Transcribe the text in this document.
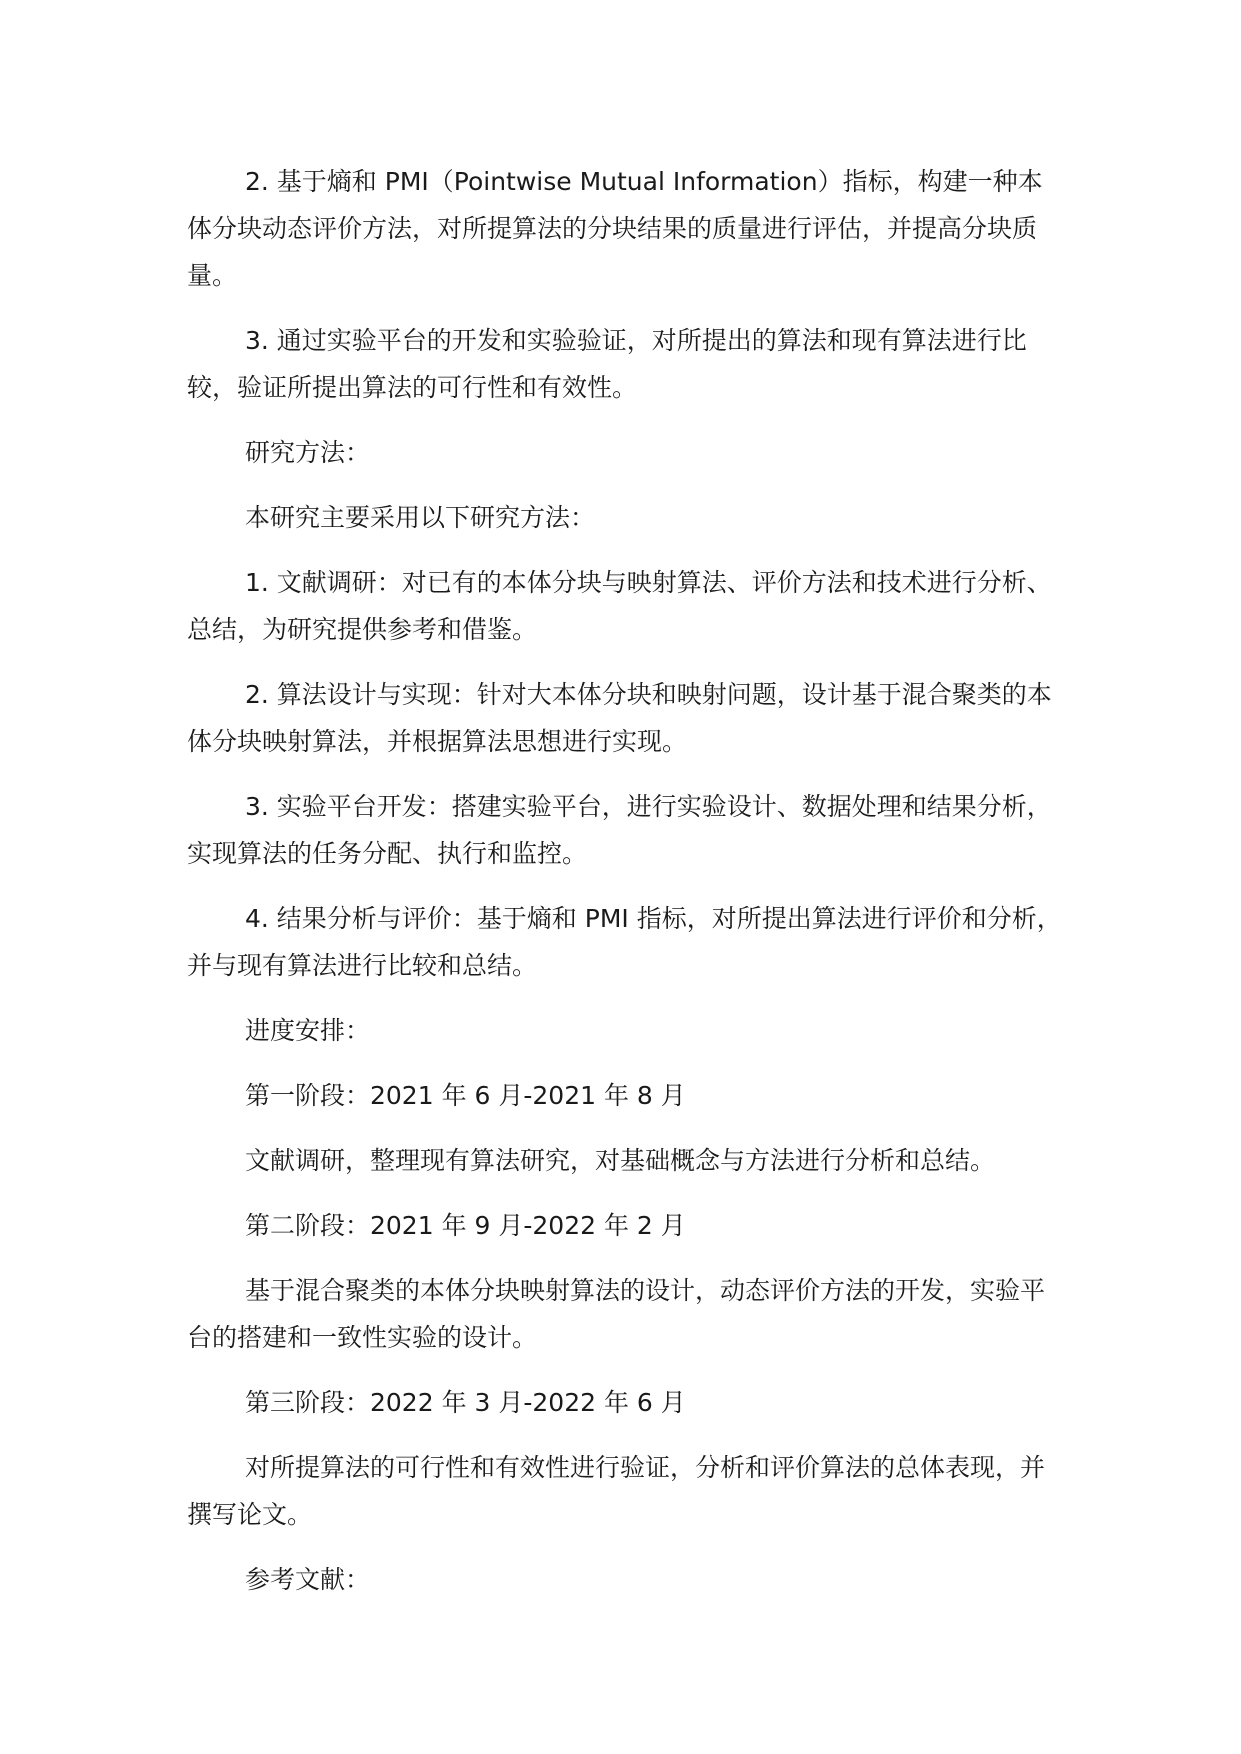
2. 基于熵和 PMI（Pointwise Mutual Information）指标，构建一种本体分块动态评价方法，对所提算法的分块结果的质量进行评估，并提高分块质量。

3. 通过实验平台的开发和实验验证，对所提出的算法和现有算法进行比较，验证所提出算法的可行性和有效性。

研究方法：

本研究主要采用以下研究方法：

1. 文献调研：对已有的本体分块与映射算法、评价方法和技术进行分析、总结，为研究提供参考和借鉴。

2. 算法设计与实现：针对大本体分块和映射问题，设计基于混合聚类的本体分块映射算法，并根据算法思想进行实现。

3. 实验平台开发：搭建实验平台，进行实验设计、数据处理和结果分析，实现算法的任务分配、执行和监控。

4. 结果分析与评价：基于熵和 PMI 指标，对所提出算法进行评价和分析，并与现有算法进行比较和总结。

进度安排：

第一阶段：2021 年 6 月-2021 年 8 月

文献调研，整理现有算法研究，对基础概念与方法进行分析和总结。

第二阶段：2021 年 9 月-2022 年 2 月

基于混合聚类的本体分块映射算法的设计，动态评价方法的开发，实验平台的搭建和一致性实验的设计。

第三阶段：2022 年 3 月-2022 年 6 月

对所提算法的可行性和有效性进行验证，分析和评价算法的总体表现，并撰写论文。

参考文献：
